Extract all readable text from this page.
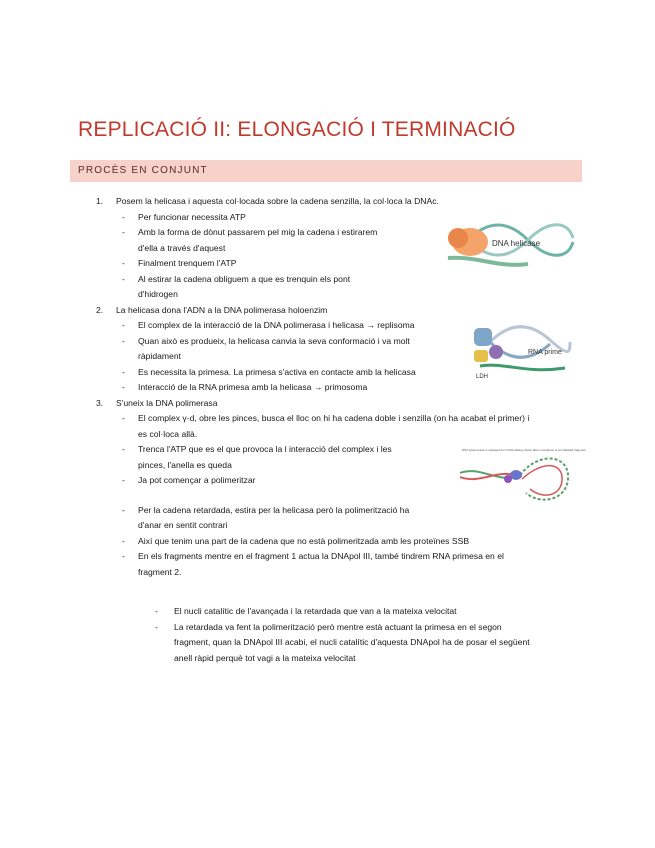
REPLICACIÓ II: ELONGACIÓ I TERMINACIÓ
PROCÈS EN CONJUNT
1. Posem la helicasa i aquesta col·locada sobre la cadena senzilla, la col·loca la DNAc.
- Per funcionar necessita ATP
- Amb la forma de dònut passarem pel mig la cadena i estirarem
d'ella a través d'aquest
- Finalment trenquem l'ATP
- Al estirar la cadena obliguem a que es trenquin els pont
d'hidrogen
2. La helicasa dona l'ADN a la DNA polimerasa holoenzim
- El complex de la interacció de la DNA polimerasa i helicasa → replisoma
- Quan això es produeix, la helicasa canvia la seva conformació i va molt
ràpidament
- Es necessita la primesa. La primesa s'activa en contacte amb la helicasa
- Interacció de la RNA primesa amb la helicasa → primosoma
3. S'uneix la DNA polimerasa
- El complex γ-d, obre les pinces, busca el lloc on hi ha cadena doble i senzilla (on ha acabat el primer) i
es col·loca allà.
- Trenca l'ATP que es el que provoca la l interacció del complex i les
pinces, l'anella es queda
- Ja pot començar a polimeritzar
- Per la cadena retardada, estira per la helicasa però la polimerització ha
d'anar en sentit contrari
- Així que tenim una part de la cadena que no està polimeritzada amb les proteïnes SSB
- En els fragments mentre en el fragment 1 actua la DNApol III, també tindrem RNA primesa en el
fragment 2.
- El nucli catalític de l'avançada i la retardada que van a la mateixa velocitat
- La retardada va fent la polimerització però mentre està actuant la primesa en el segon
fragment, quan la DNApol III acabi, el nucli catalític d'aquesta DNApol ha de posar el següent
anell ràpid perquè tot vagi a la mateixa velocitat
DNA helicase
RNA prime
LDH
DNA polymerase is released from DNA sliding clamp after completion of an Okazaki fragment
